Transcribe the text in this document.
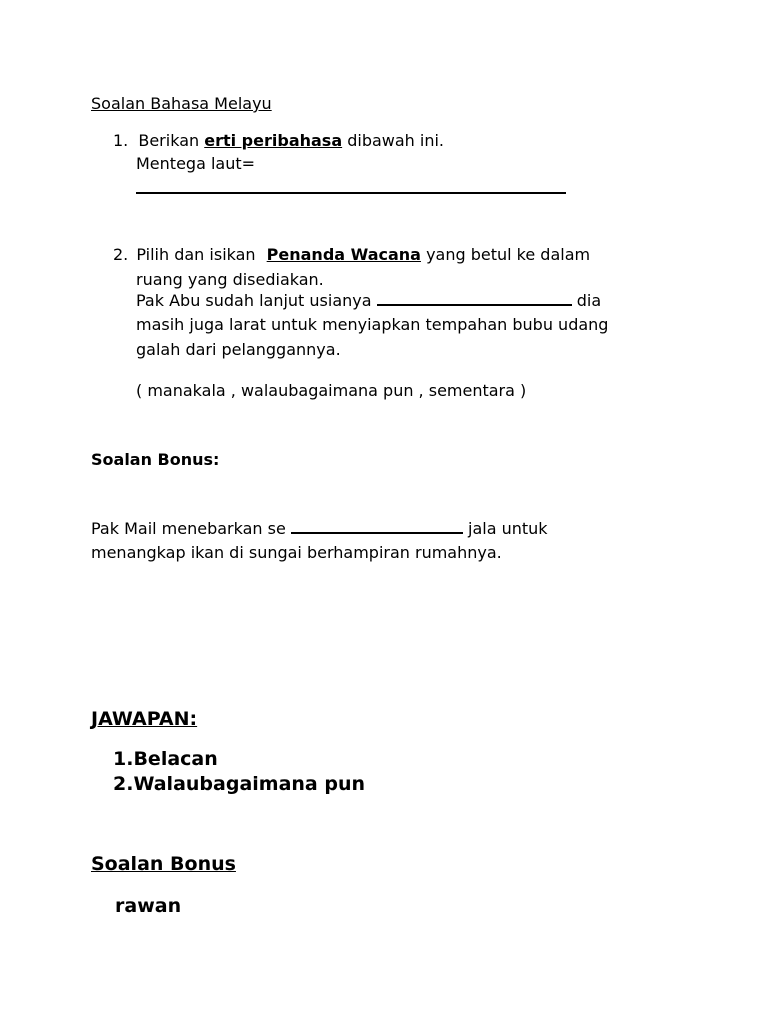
Soalan Bahasa Melayu
1. Berikan erti peribahasa dibawah ini.
Mentega laut=
2. Pilih dan isikan Penanda Wacana yang betul ke dalam
ruang yang disediakan.
Pak Abu sudah lanjut usianya	dia
masih juga larat untuk menyiapkan tempahan bubu udang
galah dari pelanggannya.
( manakala , walaubagaimana pun , sementara )
Soalan Bonus:
Pak Mail menebarkan se	jala untuk
menangkap ikan di sungai berhampiran rumahnya.
JAWAPAN:
1.Belacan
2.Walaubagaimana pun
Soalan Bonus
rawan
